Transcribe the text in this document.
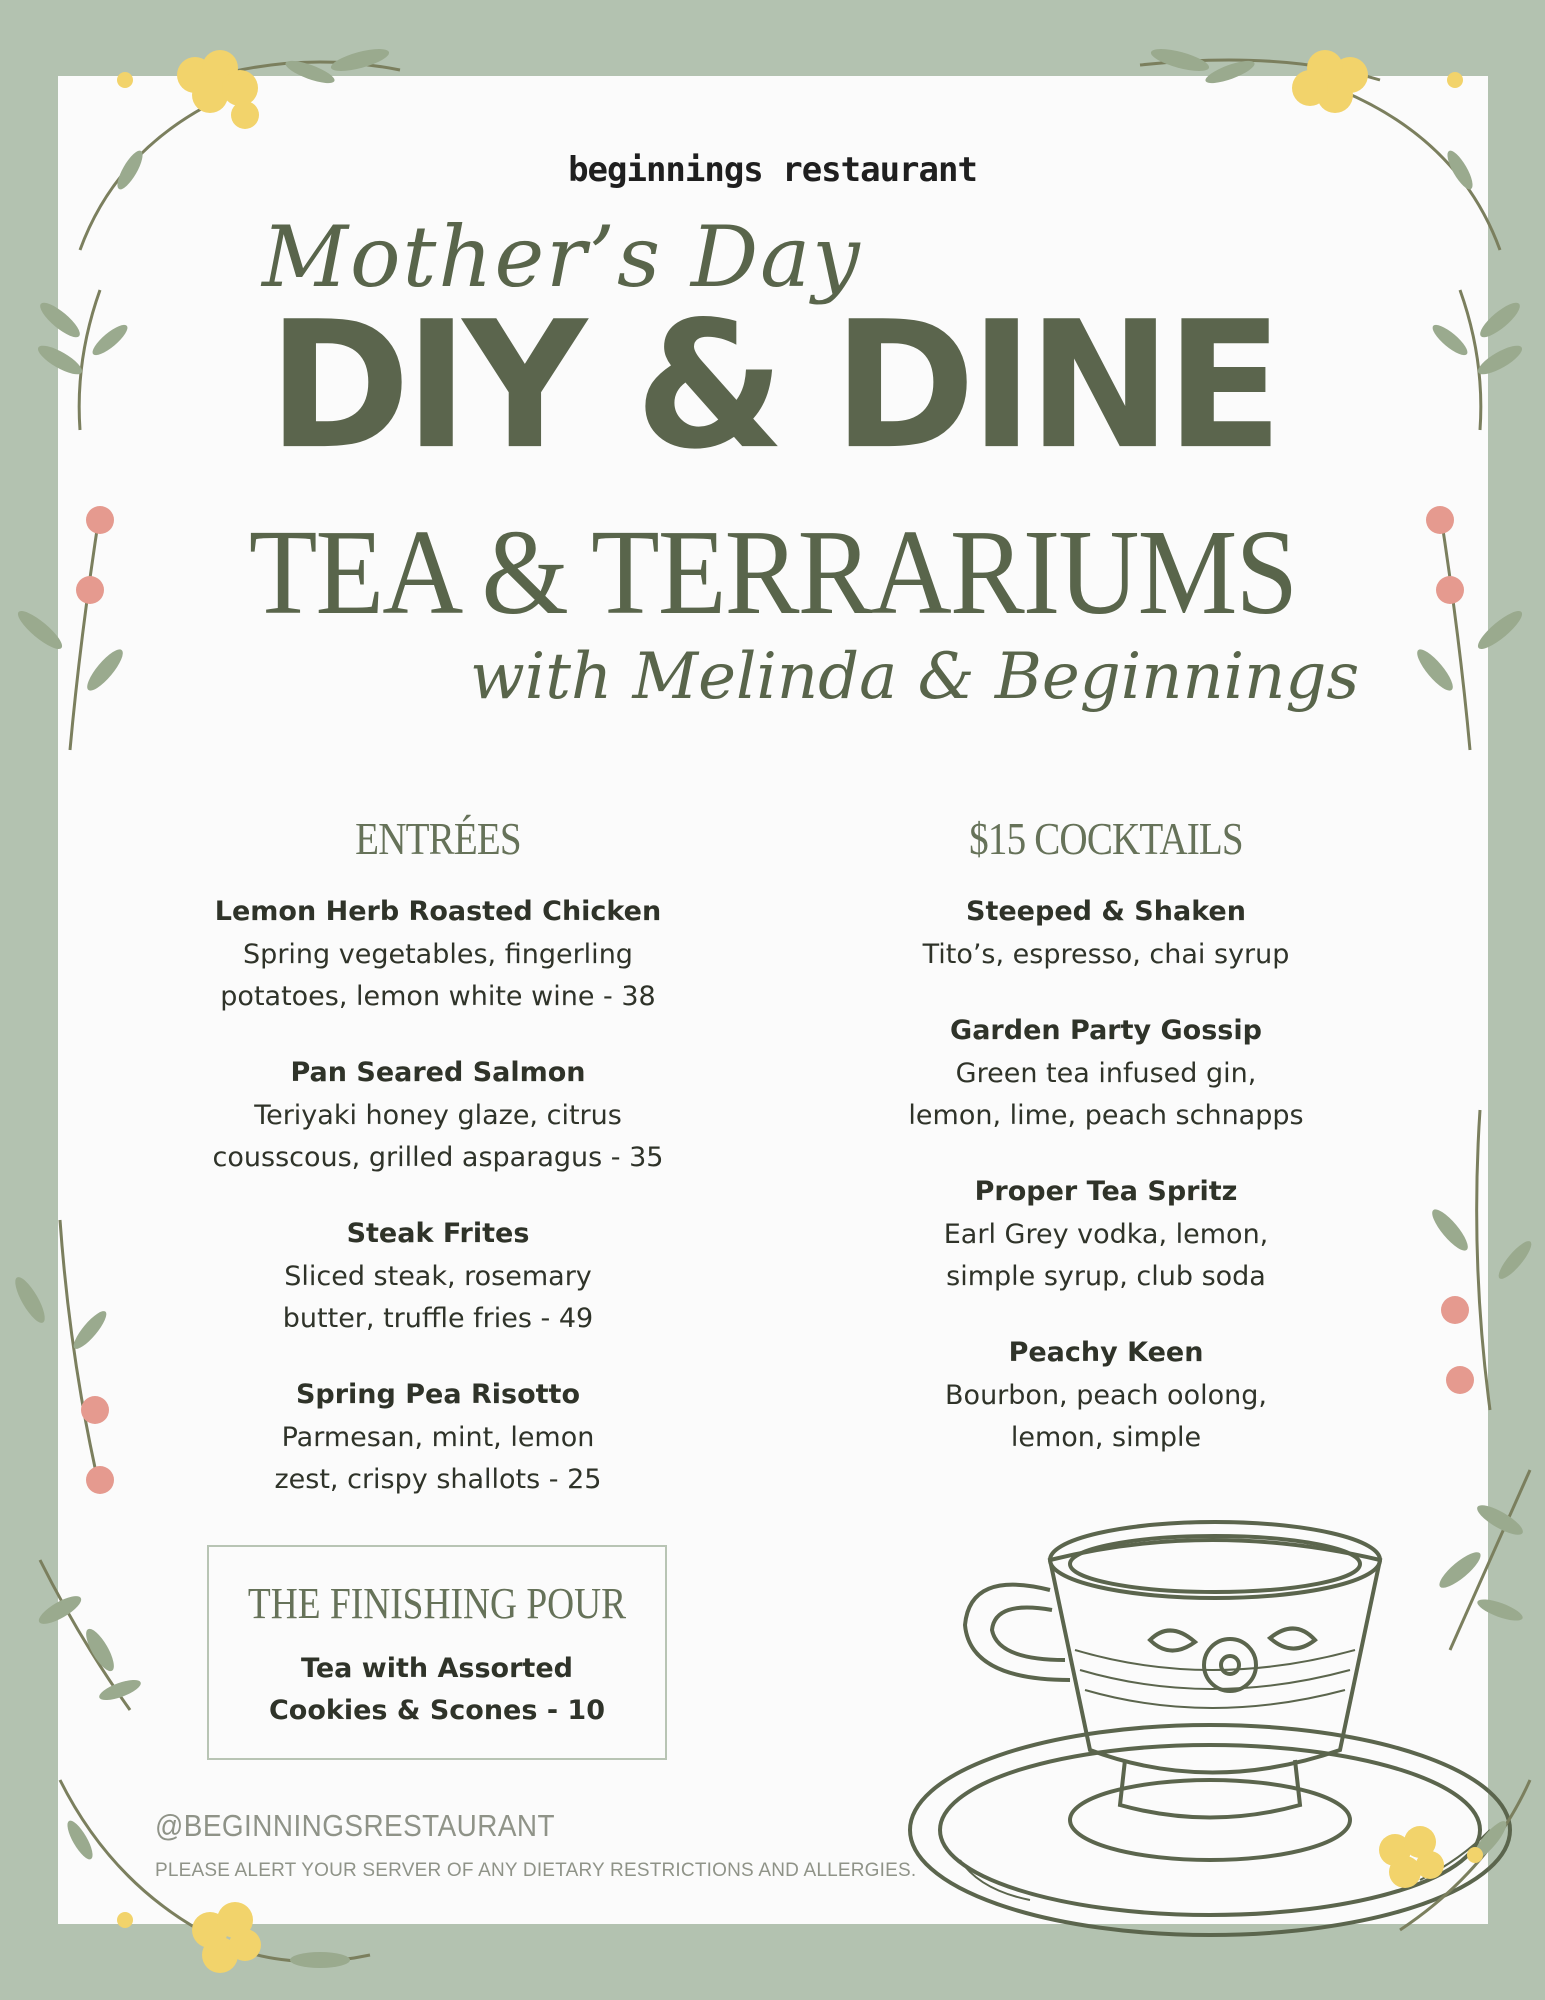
beginnings restaurant
Mother’s Day
DIY & DINE
TEA & TERRARIUMS
with Melinda & Beginnings
ENTRÉES
Lemon Herb Roasted Chicken
Spring vegetables, fingerling
potatoes, lemon white wine - 38
Pan Seared Salmon
Teriyaki honey glaze, citrus
cousscous, grilled asparagus - 35
Steak Frites
Sliced steak, rosemary
butter, truffle fries - 49
Spring Pea Risotto
Parmesan, mint, lemon
zest, crispy shallots - 25
$15 COCKTAILS
Steeped & Shaken
Tito’s, espresso, chai syrup
Garden Party Gossip
Green tea infused gin,
lemon, lime, peach schnapps
Proper Tea Spritz
Earl Grey vodka, lemon,
simple syrup, club soda
Peachy Keen
Bourbon, peach oolong,
lemon, simple
THE FINISHING POUR
Tea with Assorted
Cookies & Scones - 10
@BEGINNINGSRESTAURANT
PLEASE ALERT YOUR SERVER OF ANY DIETARY RESTRICTIONS AND ALLERGIES.
